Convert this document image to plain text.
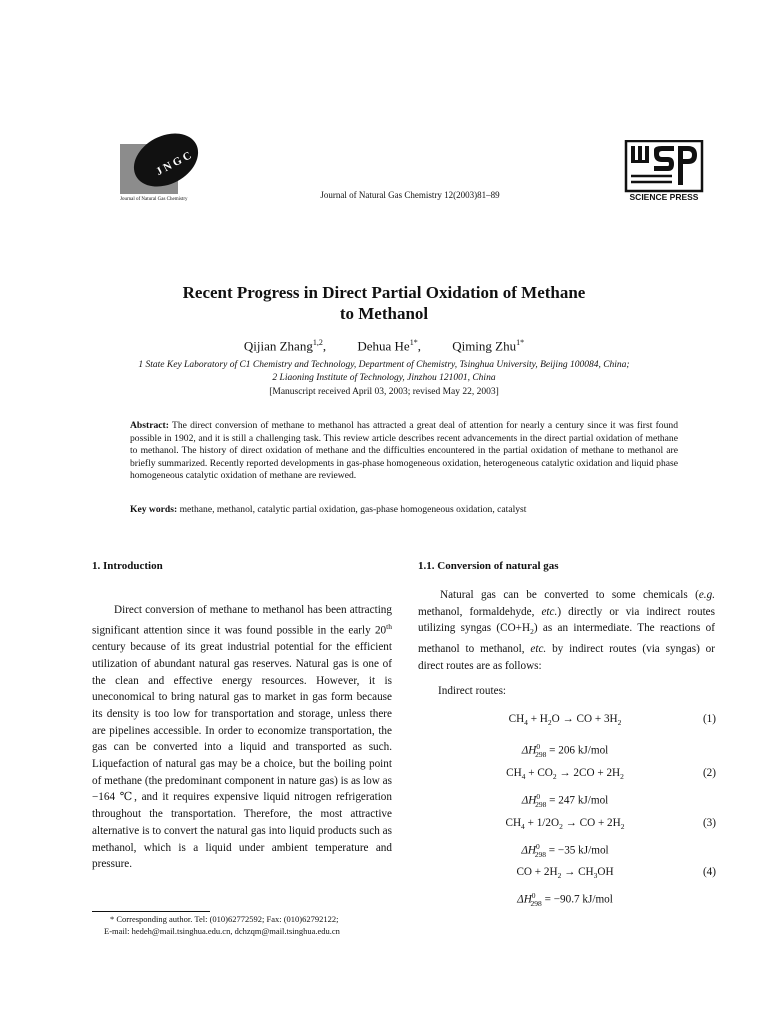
J N G C
Journal of Natural Gas Chemistry	Journal of Natural Gas Chemistry 12(2003)81–89	SCIENCE PRESS
Recent Progress in Direct Partial Oxidation of Methane
to Methanol
Qijian Zhang$^{1,2}$, Dehua $He^{1*}$, Qiming Zhu$^{1*}$
1 State Key Laboratory of C1 Chemistry and Technology, Department of Chemistry, Tsinghua University, Beijing 100084, China;
2 Liaoning Institute of Technology, Jinzhou 121001, China
[Manuscript received April 03, 2003; revised May 22, 2003]
Abstract: The direct conversion of methane to methanol has attracted a great deal of attention for nearly a century since it was first found possible in 1902, and it is still a challenging task. This review article describes recent advancements in the direct partial oxidation of methane to methanol. The history of direct oxidation of methane and the difficulties encountered in the partial oxidation of methane to methanol are briefly summarized. Recently reported developments in gas-phase homogeneous oxidation, heterogeneous catalytic oxidation and liquid phase homogeneous catalytic oxidation of methane are reviewed.
Key words: methane, methanol, catalytic partial oxidation, gas-phase homogeneous oxidation, catalyst
1. Introduction	1.1. Conversion of natural gas
Direct conversion of methane to methanol has been attracting significant attention since it was found possible in the early 20th century because of its great industrial potential for the efficient utilization of abundant natural gas reserves. Natural gas is one of the clean and effective energy resources. However, it is uneconomical to bring natural gas to market in gas form because its density is too low for transportation and storage, unless there are pipelines accessible. In order to economize transportation, the gas can be converted into a liquid and transported as such. Liquefaction of natural gas may be a choice, but the boiling point of methane (the predominant component in nature gas) is as low as −164 ℃, and it requires expensive liquid nitrogen refrigeration throughout the transportation. Therefore, the most attractive alternative is to convert the natural gas into liquid products such as methanol, which is a liquid under ambient temperature and pressure.
Natural gas can be converted to some chemicals (e.g. methanol, formaldehyde, etc.) directly or via indirect routes utilizing syngas $(CO+H_2)$ as an intermediate. The reactions of methanol to methanol, etc. by indirect routes (via syngas) or direct routes are as follows:
Indirect routes:
$CH_4 + H_2O$ → CO + $3H_2$	(1)
$\Delta H^0_{298} = 206$ kJ/mol
$CH_4 + CO_2 \to 2CO + 2H_2$	(2)
$\Delta H^0_{298} = 247$ kJ/mol
$CH_4 + 1/2O_2$ → CO + $2H_2$	(3)
$\Delta H^0_{298} = -35$ kJ/mol
CO + $2H_2 \to CH_3OH$	(4)
$\Delta H^0_{298} = -90.7$ kJ/mol
* Corresponding author. Tel: (010)62772592; Fax: (010)62792122;
E-mail: hedeh@mail.tsinghua.edu.cn, dchzqm@mail.tsinghua.edu.cn
